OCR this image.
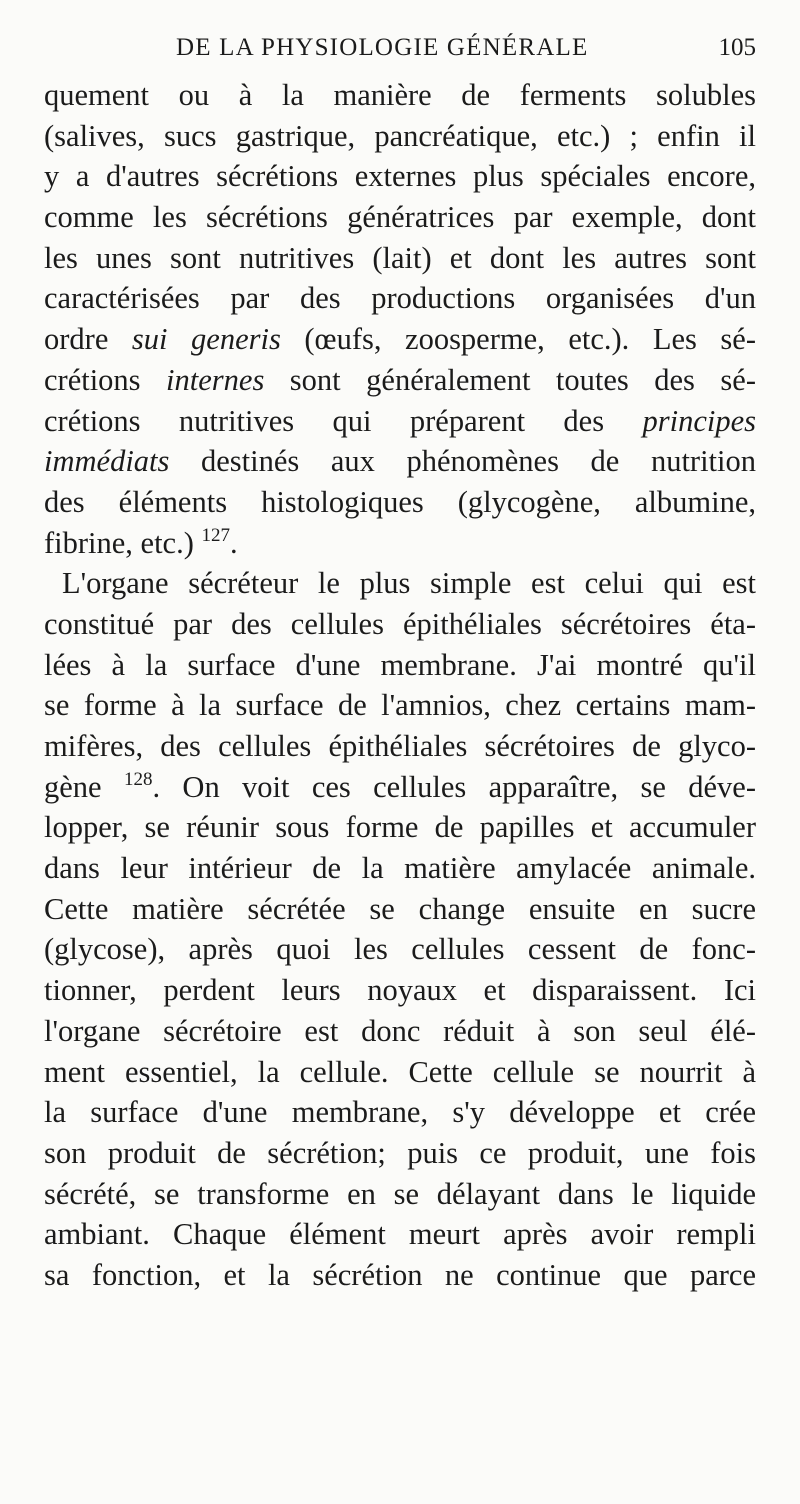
DE LA PHYSIOLOGIE GÉNÉRALE	105
quement ou à la manière de ferments solubles
(salives, sucs gastrique, pancréatique, etc.) ; enfin il
y a d'autres sécrétions externes plus spéciales encore,
comme les sécrétions génératrices par exemple, dont
les unes sont nutritives (lait) et dont les autres sont
caractérisées par des productions organisées d'un
ordre sui generis (œufs, zoosperme, etc.). Les sé-
crétions internes sont généralement toutes des sé-
crétions nutritives qui préparent des principes
immédiats destinés aux phénomènes de nutrition
des éléments histologiques (glycogène, albumine,
fibrine, etc.) $^{127}$.
L'organe sécréteur le plus simple est celui qui est
constitué par des cellules épithéliales sécrétoires éta-
lées à la surface d'une membrane. J'ai montré qu'il
se forme à la surface de l'amnios, chez certains mam-
mifères, des cellules épithéliales sécrétoires de glyco-
gène $^{128}$. On voit ces cellules apparaître, se déve-
lopper, se réunir sous forme de papilles et accumuler
dans leur intérieur de la matière amylacée animale.
Cette matière sécrétée se change ensuite en sucre
(glycose), après quoi les cellules cessent de fonc-
tionner, perdent leurs noyaux et disparaissent. Ici
l'organe sécrétoire est donc réduit à son seul élé-
ment essentiel, la cellule. Cette cellule se nourrit à
la surface d'une membrane, s'y développe et crée
son produit de sécrétion; puis ce produit, une fois
sécrété, se transforme en se délayant dans le liquide
ambiant. Chaque élément meurt après avoir rempli
sa fonction, et la sécrétion ne continue que parce
